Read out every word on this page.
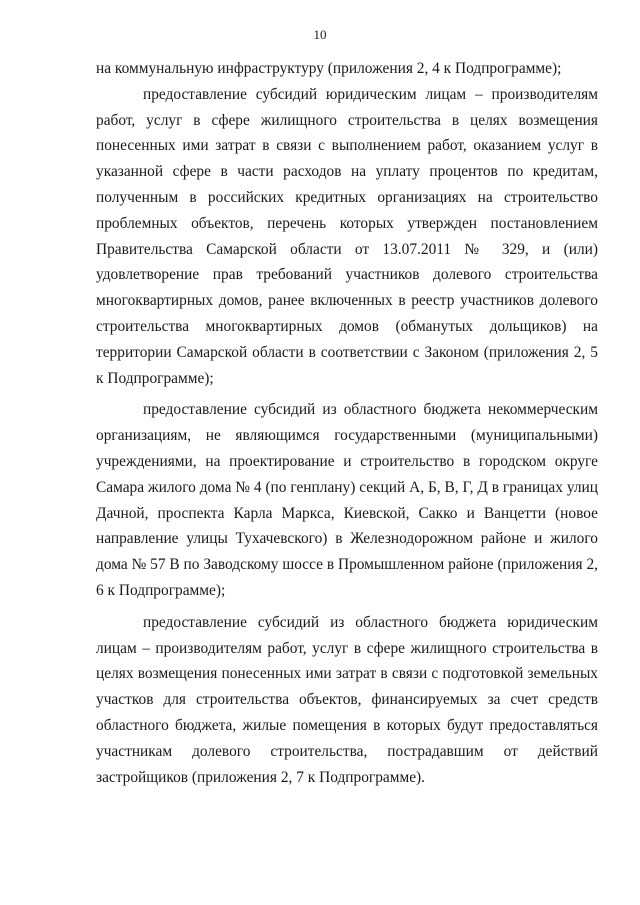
10

на коммунальную инфраструктуру (приложения 2, 4 к Подпрограмме);

предоставление субсидий юридическим лицам – производителям работ, услуг в сфере жилищного строительства в целях возмещения понесенных ими затрат в связи с выполнением работ, оказанием услуг в указанной сфере в части расходов на уплату процентов по кредитам, полученным в российских кредитных организациях на строительство проблемных объектов, перечень которых утвержден постановлением Правительства Самарской области от 13.07.2011 № 329, и (или) удовлетворение прав требований участников долевого строительства многоквартирных домов, ранее включенных в реестр участников долевого строительства многоквартирных домов (обманутых дольщиков) на территории Самарской области в соответствии с Законом (приложения 2, 5 к Подпрограмме);

предоставление субсидий из областного бюджета некоммерческим организациям, не являющимся государственными (муниципальными) учреждениями, на проектирование и строительство в городском округе Самара жилого дома № 4 (по генплану) секций А, Б, В, Г, Д в границах улиц Дачной, проспекта Карла Маркса, Киевской, Сакко и Ванцетти (новое направление улицы Тухачевского) в Железнодорожном районе и жилого дома № 57 В по Заводскому шоссе в Промышленном районе (приложения 2, 6 к Подпрограмме);

предоставление субсидий из областного бюджета юридическим лицам – производителям работ, услуг в сфере жилищного строительства в целях возмещения понесенных ими затрат в связи с подготовкой земельных участков для строительства объектов, финансируемых за счет средств областного бюджета, жилые помещения в которых будут предоставляться участникам долевого строительства, пострадавшим от действий застройщиков (приложения 2, 7 к Подпрограмме).
